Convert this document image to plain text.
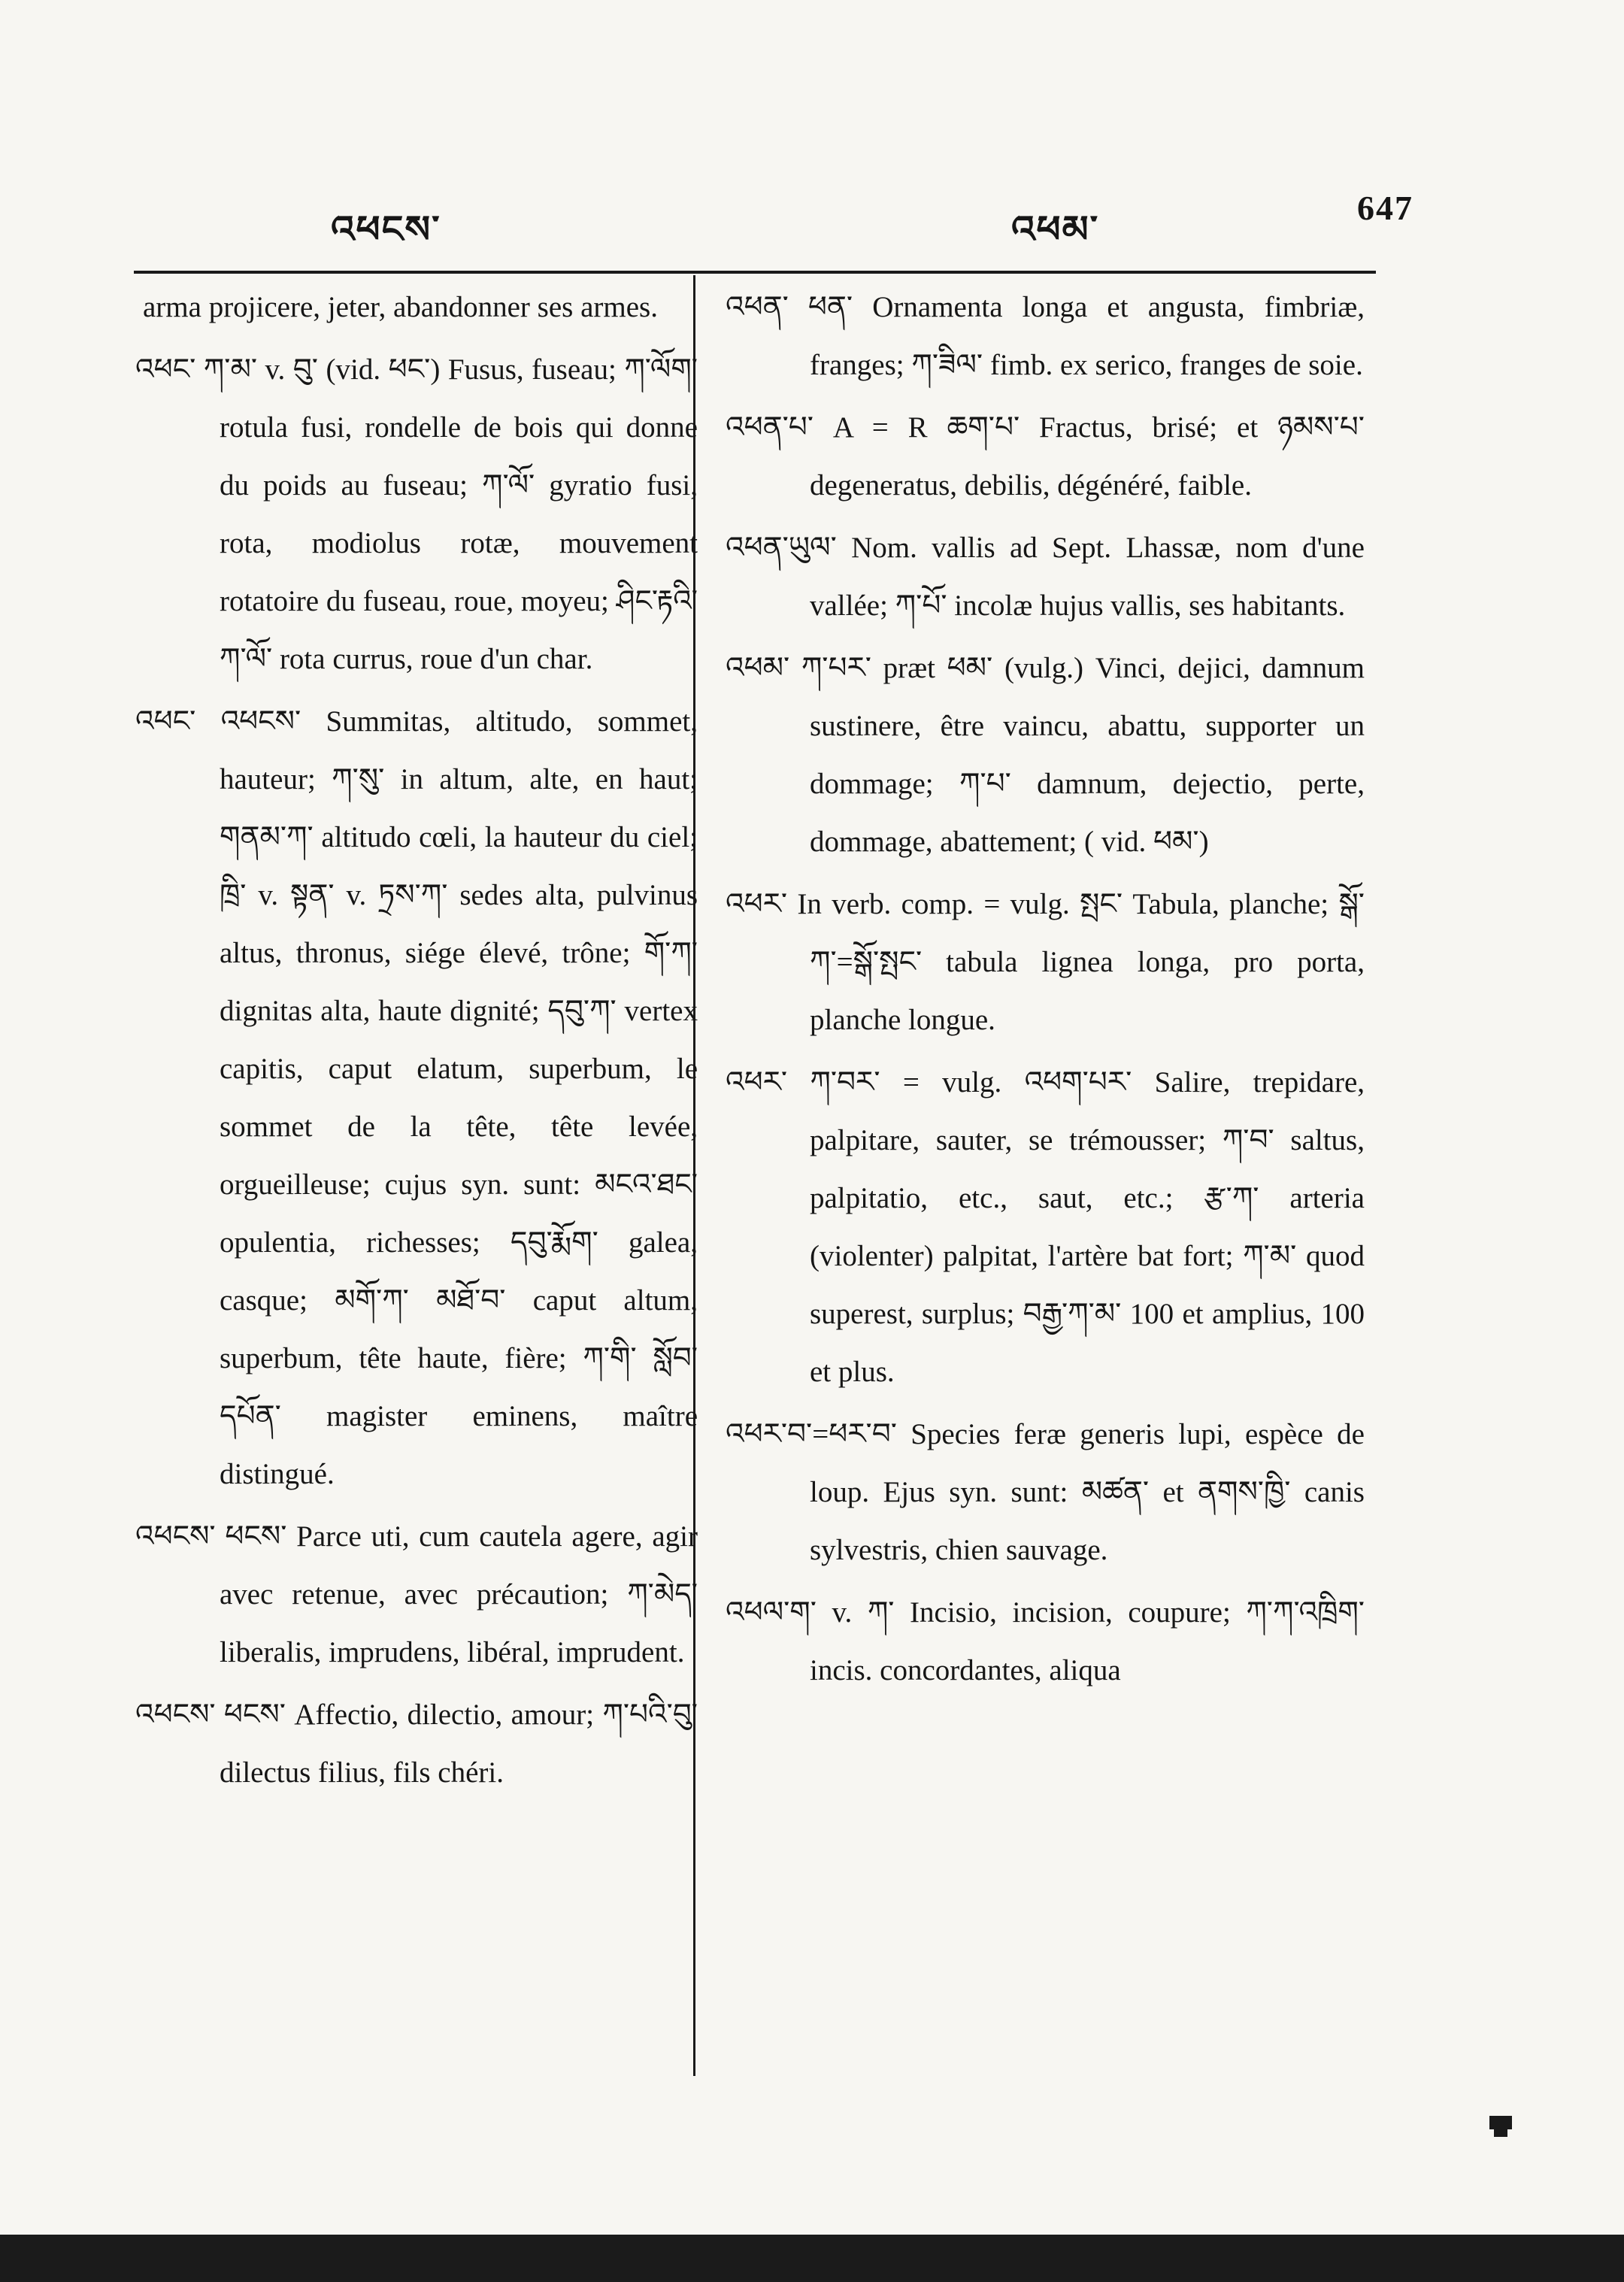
འཕངས་	འཕམ་	647

arma projicere, jeter, abandonner ses armes.

འཕང་ ཀ་མ་ v. བུ་ (vid. ཕང་) Fusus, fuseau; ཀ་ལོག་ rotula fusi, rondelle de bois qui donne du poids au fuseau; ཀ་ལོ་ gyratio fusi, rota, modiolus rotæ, mouvement rotatoire du fuseau, roue, moyeu; ཤིང་རྟའི་ཀ་ལོ་ rota currus, roue d'un char.

འཕང་ འཕངས་ Summitas, altitudo, sommet, hauteur; ཀ་སུ་ in altum, alte, en haut; གནམ་ཀ་ altitudo cœli, la hauteur du ciel; ཁྲི་ v. སྟན་ v. ཏྲས་ཀ་ sedes alta, pulvinus altus, thronus, siége élevé, trône; གོ་ཀ་ dignitas alta, haute dignité; དབུ་ཀ་ vertex capitis, caput elatum, superbum, le sommet de la tête, tête levée, orgueilleuse; cujus syn. sunt: མངའ་ཐང་ opulentia, richesses; དབུ་རྨོག་ galea, casque; མགོ་ཀ་ མཐོ་བ་ caput altum, superbum, tête haute, fière; ཀ་གི་ སློབ་དཔོན་ magister eminens, maître distingué.

འཕངས་ ཕངས་ Parce uti, cum cautela agere, agir avec retenue, avec précaution; ཀ་མེད་ liberalis, imprudens, libéral, imprudent.

འཕངས་ ཕངས་ Affectio, dilectio, amour; ཀ་པའི་བུ་ dilectus filius, fils chéri.

འཕན་ ཕན་ Ornamenta longa et angusta, fimbriæ, franges; ཀ་ཟིལ་ fimb. ex serico, franges de soie.

འཕན་པ་ A = R ཆག་པ་ Fractus, brisé; et ཉམས་པ་ degeneratus, debilis, dégénéré, faible.

འཕན་ཡུལ་ Nom. vallis ad Sept. Lhassæ, nom d'une vallée; ཀ་པོ་ incolæ hujus vallis, ses habitants.

འཕམ་ ཀ་པར་ præt ཕམ་ (vulg.) Vinci, dejici, damnum sustinere, être vaincu, abattu, supporter un dommage; ཀ་པ་ damnum, dejectio, perte, dommage, abattement; ( vid. ཕམ་)

འཕར་ In verb. comp. = vulg. སྤང་ Tabula, planche; སྒོ་ཀ་=སྒོ་སྤང་ tabula lignea longa, pro porta, planche longue.

འཕར་ ཀ་བར་ = vulg. འཕག་པར་ Salire, trepidare, palpitare, sauter, se trémousser; ཀ་བ་ saltus, palpitatio, etc., saut, etc.; རྩ་ཀ་ arteria (violenter) palpitat, l'artère bat fort; ཀ་མ་ quod superest, surplus; བརྒྱ་ཀ་མ་ 100 et amplius, 100 et plus.

འཕར་བ་=ཕར་བ་ Species feræ generis lupi, espèce de loup. Ejus syn. sunt: མཚན་ et ནགས་ཁྱི་ canis sylvestris, chien sauvage.

འཕལ་ག་ v. ཀ་ Incisio, incision, coupure; ཀ་ཀ་འཁྲིག་ incis. concordantes, aliqua
